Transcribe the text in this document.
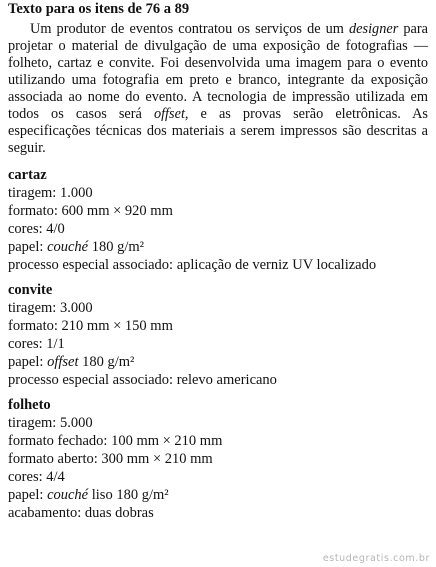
Texto para os itens de 76 a 89

Um produtor de eventos contratou os serviços de um designer para projetar o material de divulgação de uma exposição de fotografias — folheto, cartaz e convite. Foi desenvolvida uma imagem para o evento utilizando uma fotografia em preto e branco, integrante da exposição associada ao nome do evento. A tecnologia de impressão utilizada em todos os casos será offset, e as provas serão eletrônicas. As especificações técnicas dos materiais a serem impressos são descritas a seguir.

cartaz
tiragem: 1.000
formato: 600 mm × 920 mm
cores: 4/0
papel: couché 180 g/m²
processo especial associado: aplicação de verniz UV localizado
convite
tiragem: 3.000
formato: 210 mm × 150 mm
cores: 1/1
papel: offset 180 g/m²
processo especial associado: relevo americano
folheto
tiragem: 5.000
formato fechado: 100 mm × 210 mm
formato aberto: 300 mm × 210 mm
cores: 4/4
papel: couché liso 180 g/m²
acabamento: duas dobras
estudegratis.com.br
